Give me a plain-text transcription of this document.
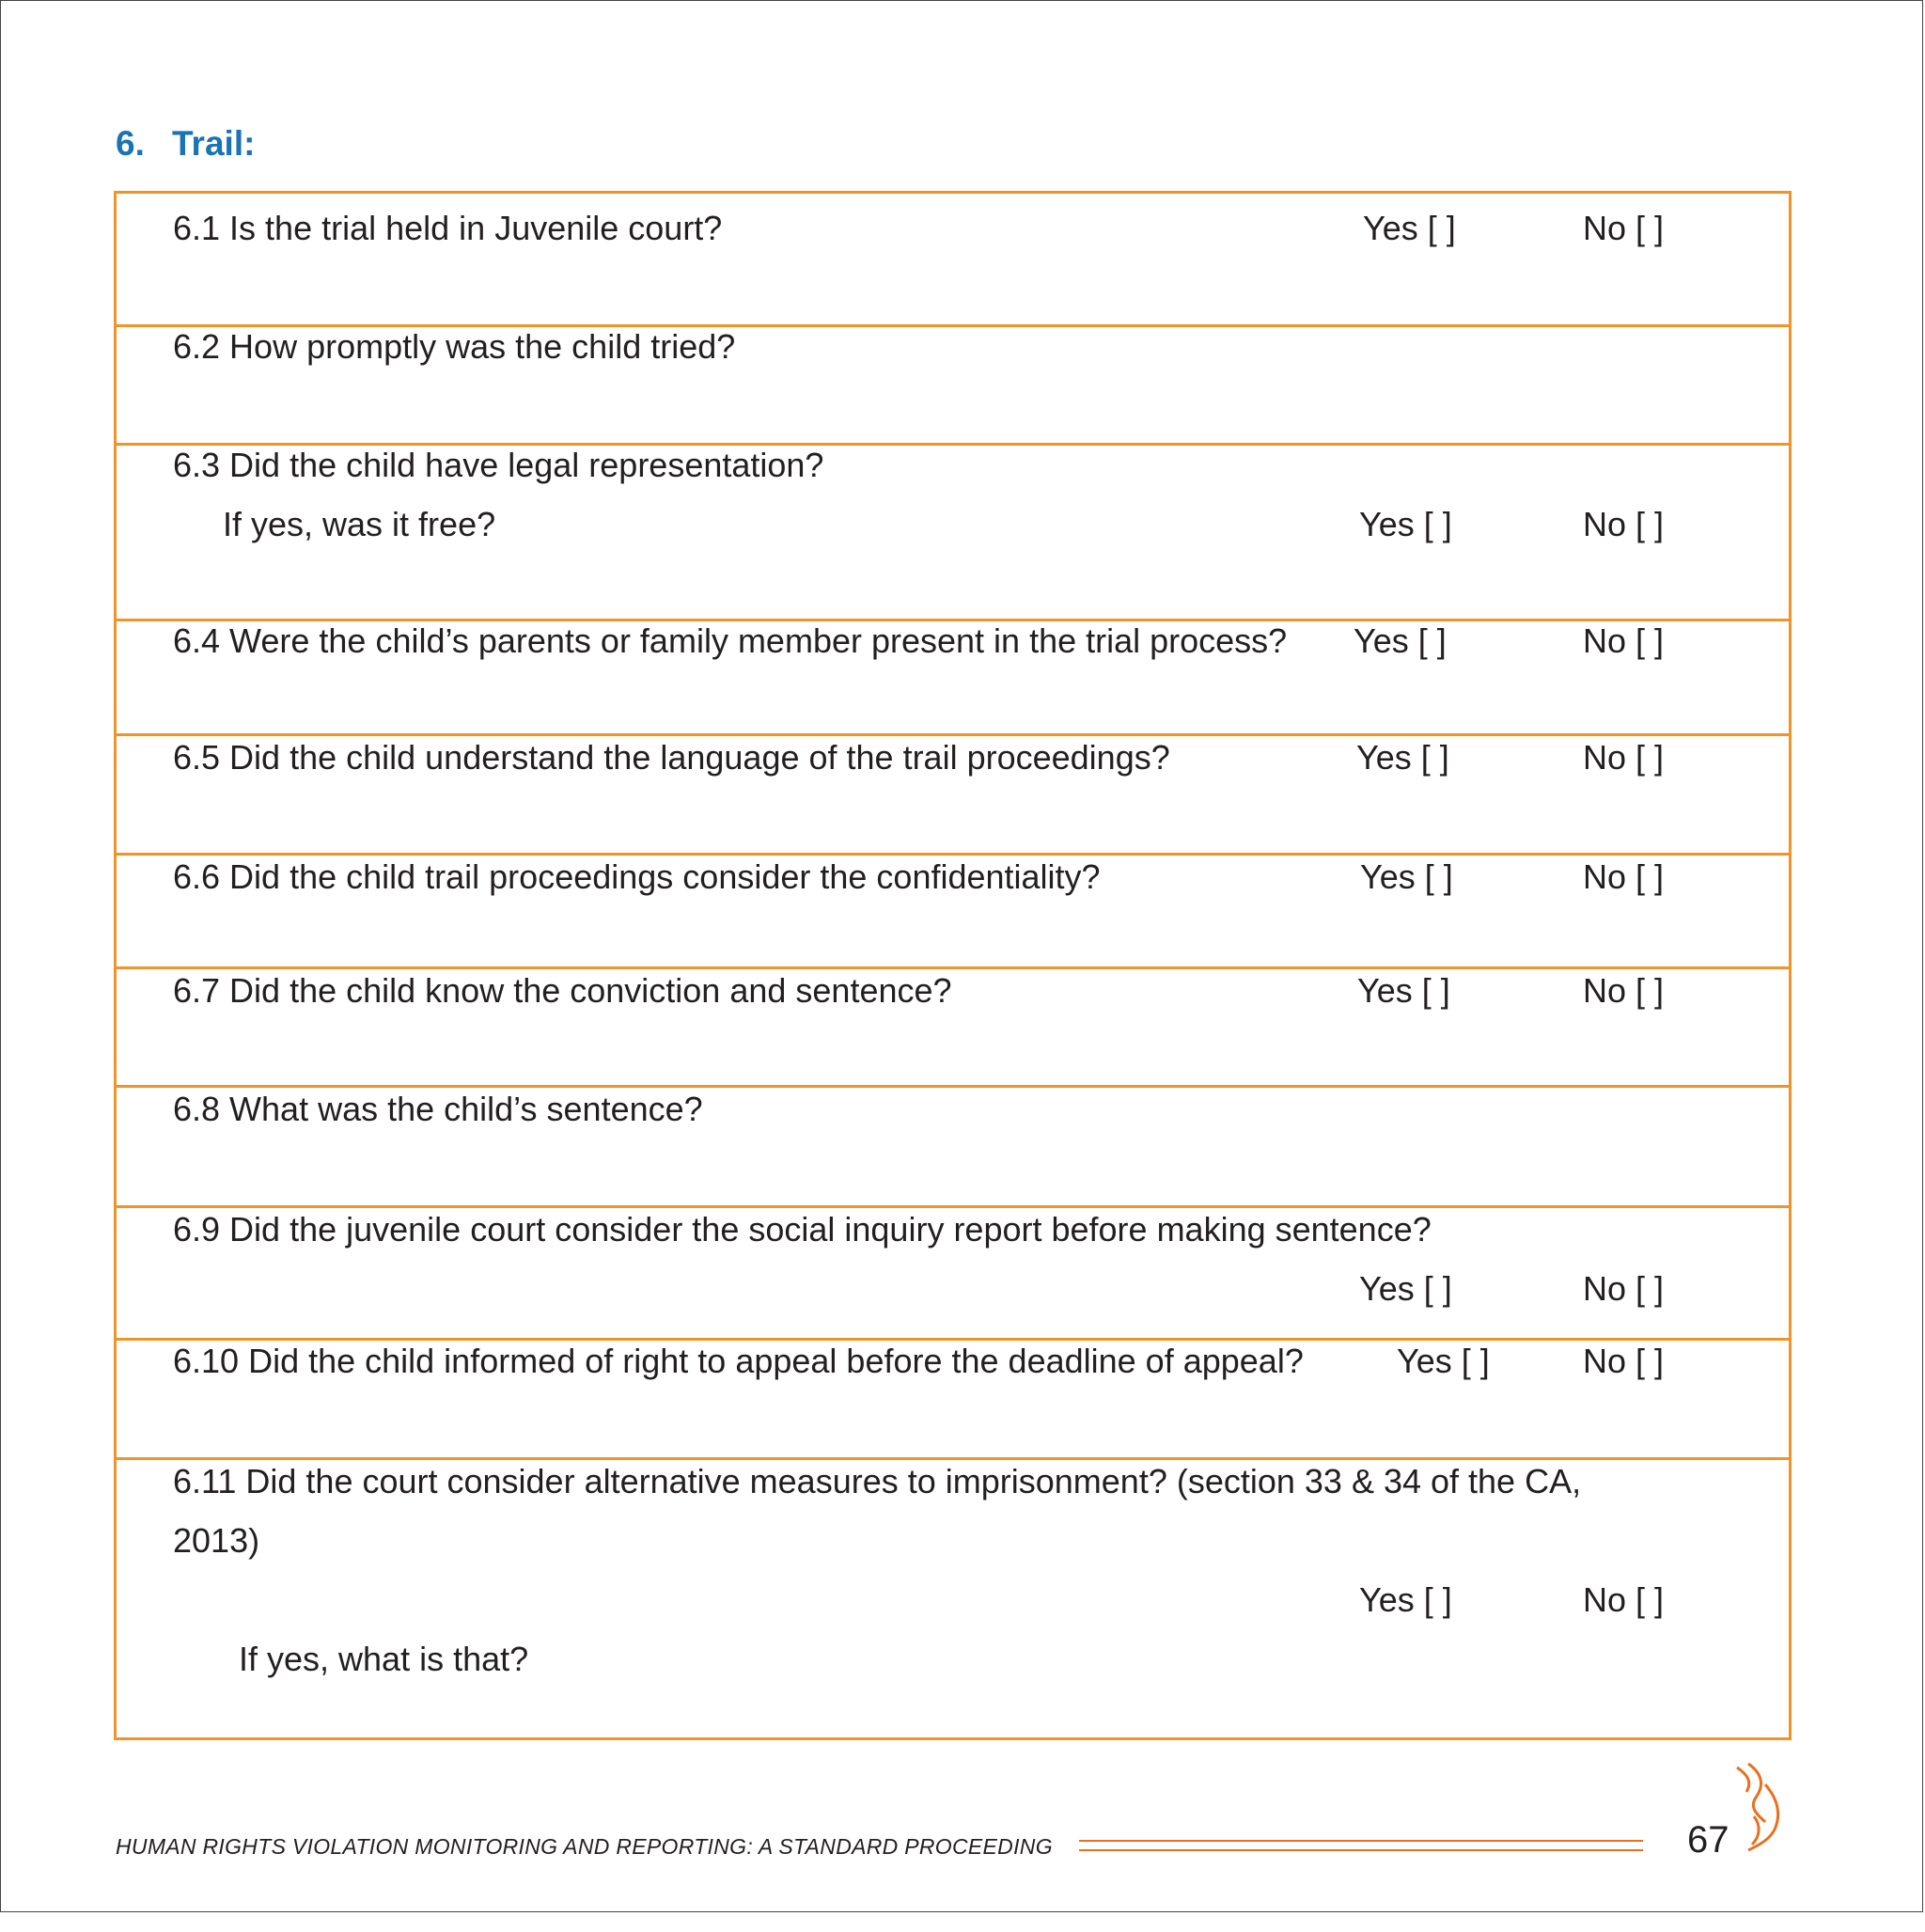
6. Trail:
6.1 Is the trial held in Juvenile court?	Yes [ ]	No [ ]
6.2 How promptly was the child tried?
6.3 Did the child have legal representation?
If yes, was it free?	Yes [ ]	No [ ]
6.4 Were the child’s parents or family member present in the trial process? Yes [ ]	No [ ]
6.5 Did the child understand the language of the trail proceedings?	Yes [ ]	No [ ]
6.6 Did the child trail proceedings consider the confidentiality?	Yes [ ]	No [ ]
6.7 Did the child know the conviction and sentence?	Yes [ ]	No [ ]
6.8 What was the child’s sentence?
6.9 Did the juvenile court consider the social inquiry report before making sentence?
Yes [ ]	No [ ]
6.10 Did the child informed of right to appeal before the deadline of appeal?	Yes [ ]	No [ ]
6.11 Did the court consider alternative measures to imprisonment? (section 33 & 34 of the CA,
2013)
Yes [ ]	No [ ]
If yes, what is that?
HUMAN RIGHTS VIOLATION MONITORING AND REPORTING: A STANDARD PROCEEDING	67
